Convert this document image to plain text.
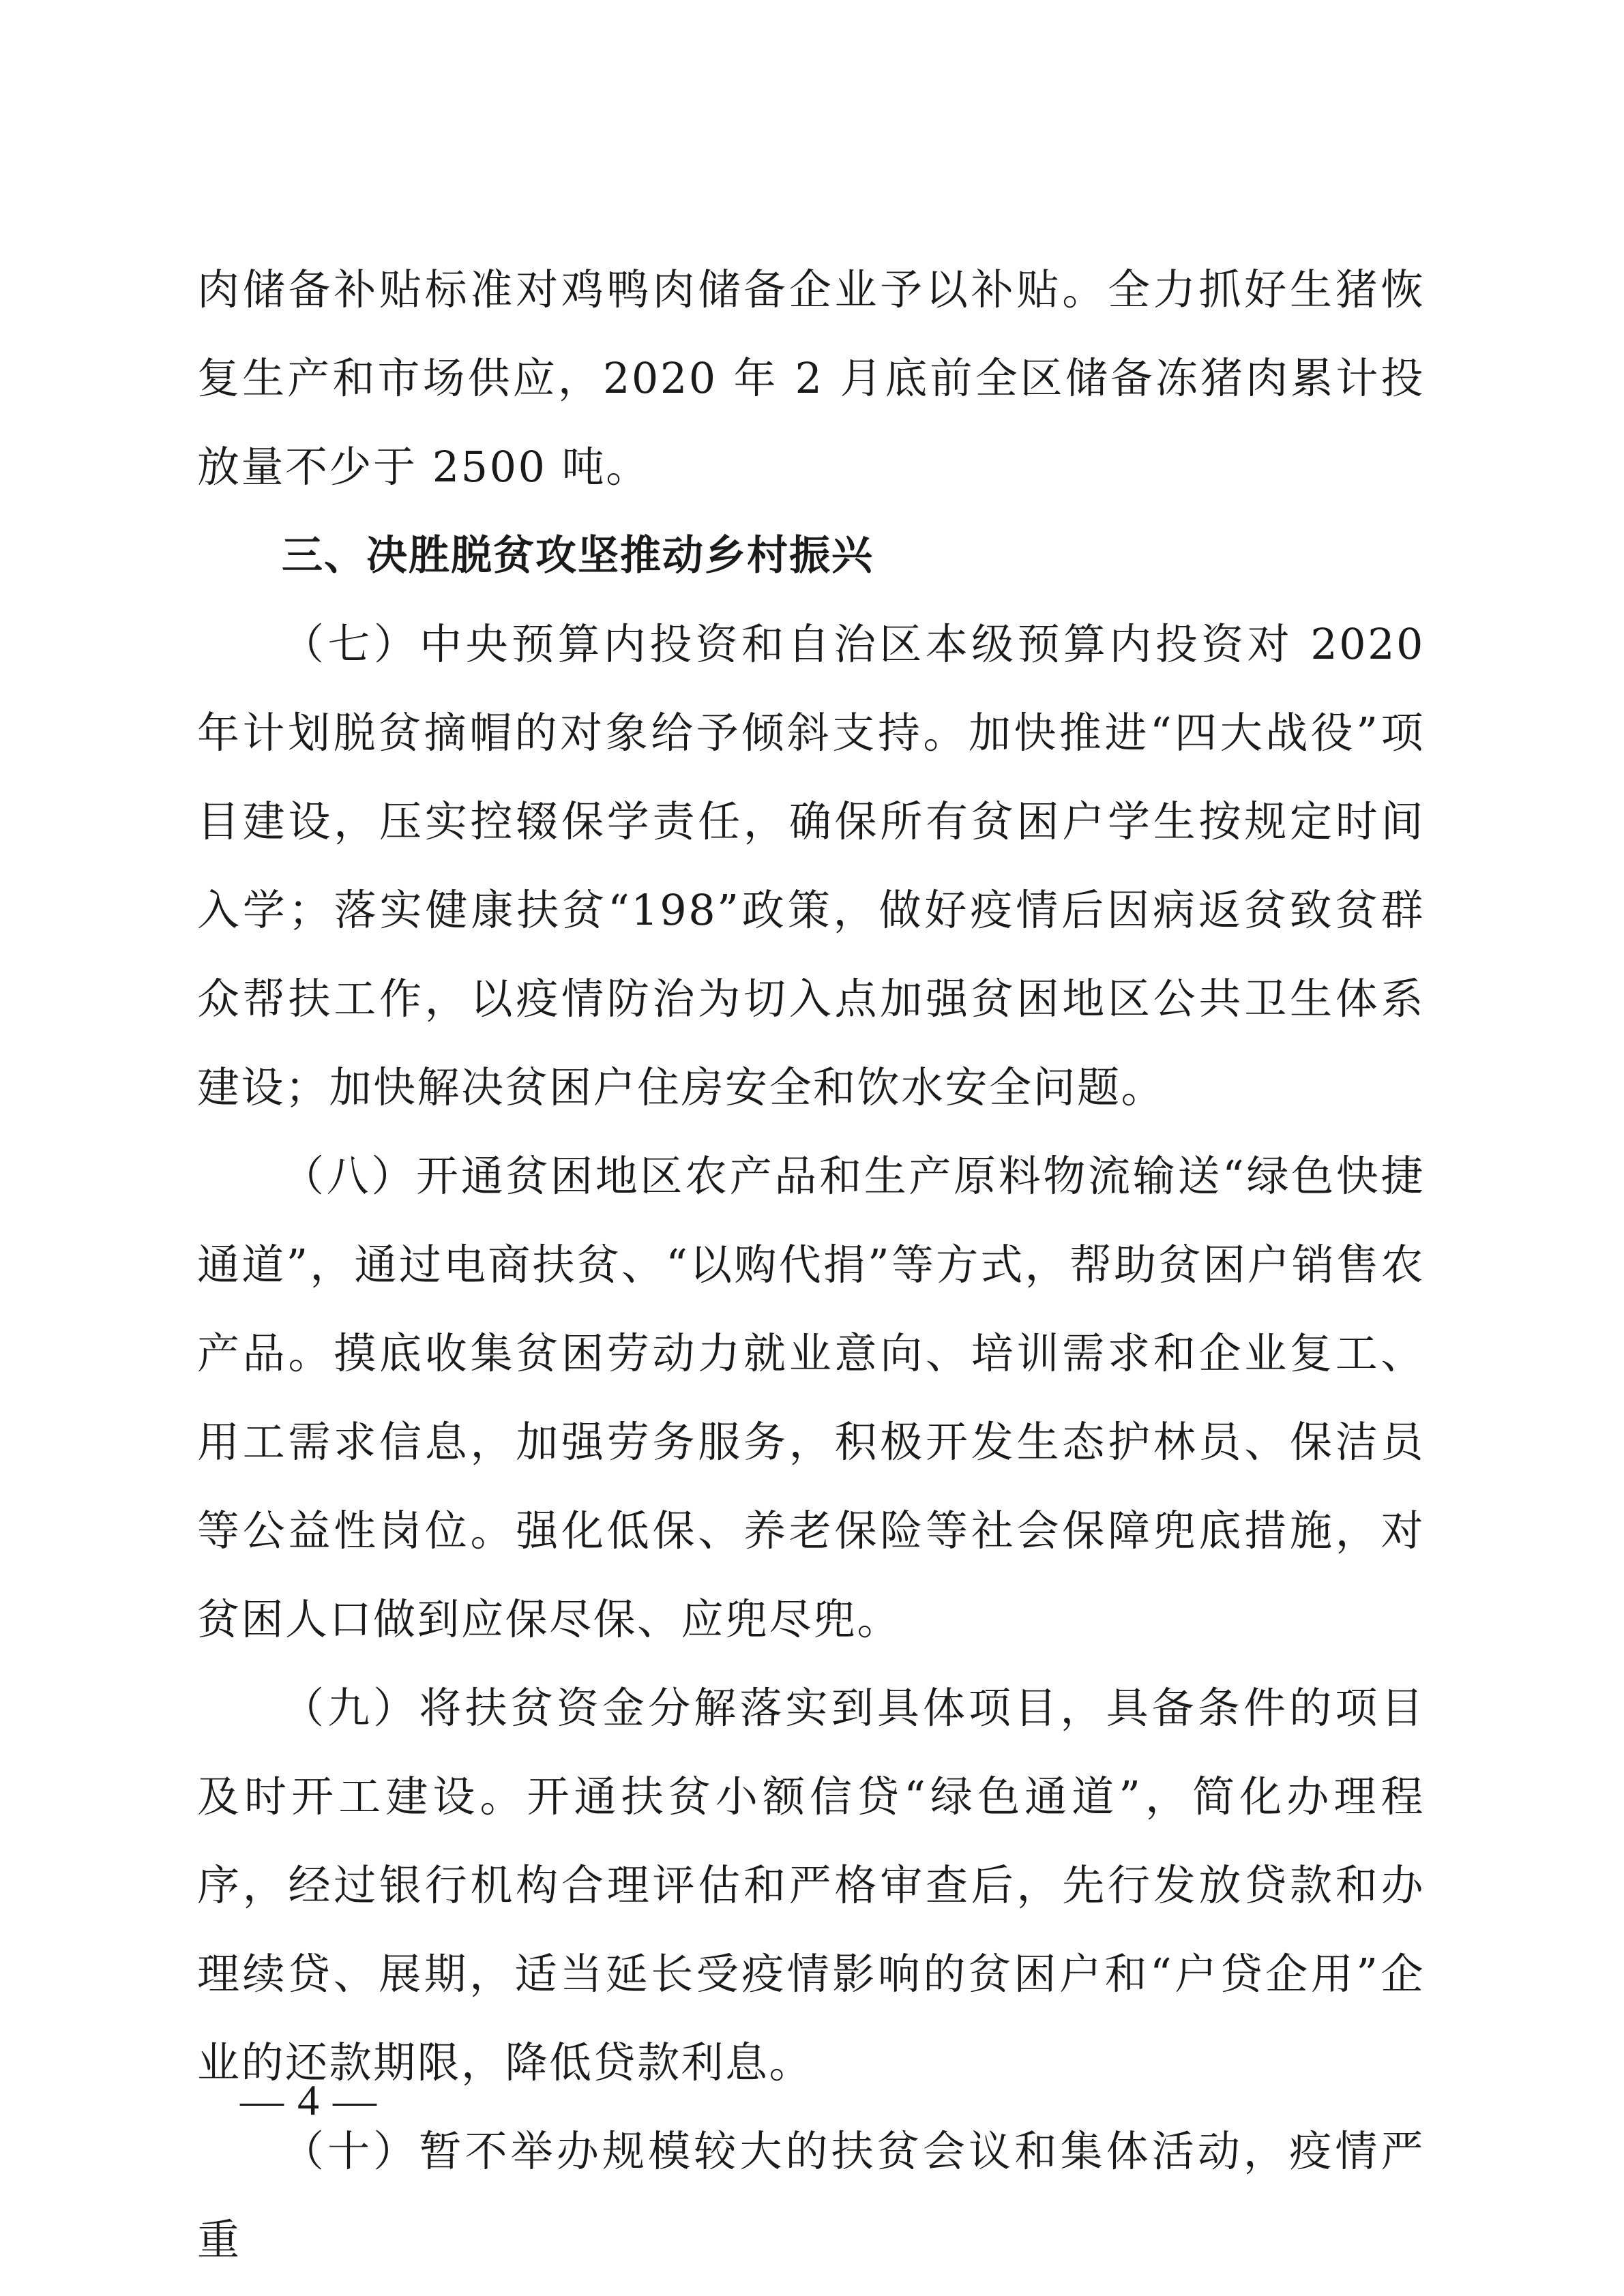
肉储备补贴标准对鸡鸭肉储备企业予以补贴。全力抓好生猪恢复生产和市场供应，2020 年 2 月底前全区储备冻猪肉累计投放量不少于 2500 吨。

三、决胜脱贫攻坚推动乡村振兴

（七）中央预算内投资和自治区本级预算内投资对 2020 年计划脱贫摘帽的对象给予倾斜支持。加快推进“四大战役”项目建设，压实控辍保学责任，确保所有贫困户学生按规定时间入学；落实健康扶贫“198”政策，做好疫情后因病返贫致贫群众帮扶工作，以疫情防治为切入点加强贫困地区公共卫生体系建设；加快解决贫困户住房安全和饮水安全问题。

（八）开通贫困地区农产品和生产原料物流输送“绿色快捷通道”，通过电商扶贫、“以购代捐”等方式，帮助贫困户销售农产品。摸底收集贫困劳动力就业意向、培训需求和企业复工、用工需求信息，加强劳务服务，积极开发生态护林员、保洁员等公益性岗位。强化低保、养老保险等社会保障兜底措施，对贫困人口做到应保尽保、应兜尽兜。

（九）将扶贫资金分解落实到具体项目，具备条件的项目及时开工建设。开通扶贫小额信贷“绿色通道”，简化办理程序，经过银行机构合理评估和严格审查后，先行发放贷款和办理续贷、展期，适当延长受疫情影响的贫困户和“户贷企用”企业的还款期限，降低贷款利息。

（十）暂不举办规模较大的扶贫会议和集体活动，疫情严重

— 4 —
